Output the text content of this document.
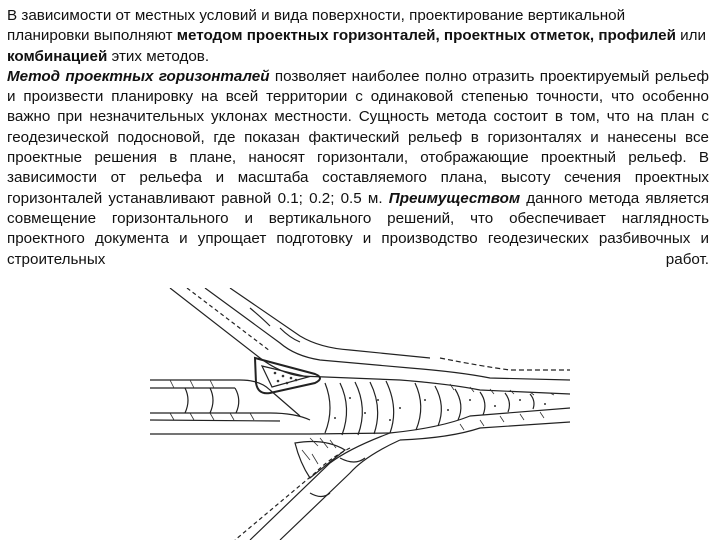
В зависимости от местных условий и вида поверхности, проектирование вертикальной планировки выполняют методом проектных горизонталей, проектных отметок, профилей или комбинацией этих методов.

Метод проектных горизонталей позволяет наиболее полно отразить проектируемый рельеф и произвести планировку на всей территории с одинаковой степенью точности, что особенно важно при незначительных уклонах местности. Сущность метода состоит в том, что на план с геодезической подосновой, где показан фактический рельеф в горизонталях и нанесены все проектные решения в плане, наносят горизонтали, отображающие проектный рельеф. В зависимости от рельефа и масштаба составляемого плана, высоту сечения проектных горизонталей устанавливают равной 0.1; 0.2; 0.5 м. Преимуществом данного метода является совмещение горизонтального и вертикального решений, что обеспечивает наглядность проектного документа и упрощает подготовку и производство геодезических разбивочных и строительных работ.
